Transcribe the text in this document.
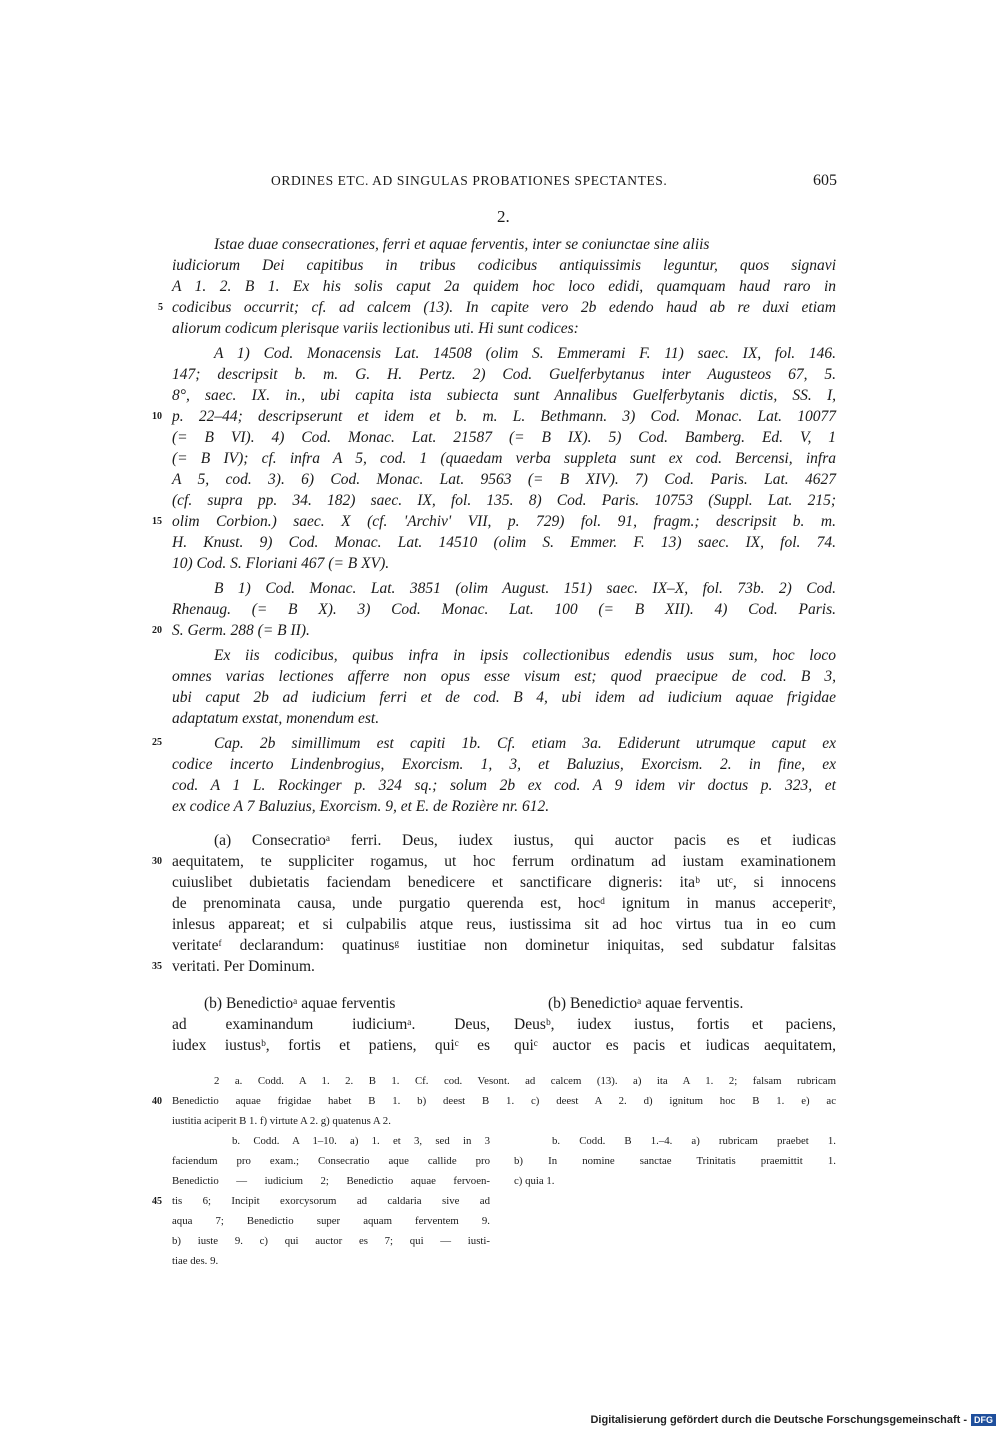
ORDINES ETC. AD SINGULAS PROBATIONES SPECTANTES.	605
2.
Istae duae consecrationes, ferri et aquae ferventis, inter se coniunctae sine aliis
iudiciorum Dei capitibus in tribus codicibus antiquissimis leguntur, quos signavi
A 1. 2. B 1. Ex his solis caput 2a quidem hoc loco edidi, quamquam haud raro in
codicibus occurrit; cf. ad calcem (13). In capite vero 2b edendo haud ab re duxi etiam
aliorum codicum plerisque variis lectionibus uti. Hi sunt codices:
A 1) Cod. Monacensis Lat. 14508 (olim S. Emmerami F. 11) saec. IX, fol. 146.
147; descripsit b. m. G. H. Pertz. 2) Cod. Guelferbytanus inter Augusteos 67, 5.
8°, saec. IX. in., ubi capita ista subiecta sunt Annalibus Guelferbytanis dictis, SS. I,
p. 22–44; descripserunt et idem et b. m. L. Bethmann. 3) Cod. Monac. Lat. 10077
(= B VI). 4) Cod. Monac. Lat. 21587 (= B IX). 5) Cod. Bamberg. Ed. V, 1
(= B IV); cf. infra A 5, cod. 1 (quaedam verba suppleta sunt ex cod. Bercensi, infra
A 5, cod. 3). 6) Cod. Monac. Lat. 9563 (= B XIV). 7) Cod. Paris. Lat. 4627
(cf. supra pp. 34. 182) saec. IX, fol. 135. 8) Cod. Paris. 10753 (Suppl. Lat. 215;
olim Corbion.) saec. X (cf. 'Archiv' VII, p. 729) fol. 91, fragm.; descripsit b. m.
H. Knust. 9) Cod. Monac. Lat. 14510 (olim S. Emmer. F. 13) saec. IX, fol. 74.
10) Cod. S. Floriani 467 (= B XV).
B 1) Cod. Monac. Lat. 3851 (olim August. 151) saec. IX–X, fol. 73b. 2) Cod.
Rhenaug. (= B X). 3) Cod. Monac. Lat. 100 (= B XII). 4) Cod. Paris.
S. Germ. 288 (= B II).
Ex iis codicibus, quibus infra in ipsis collectionibus edendis usus sum, hoc loco
omnes varias lectiones afferre non opus esse visum est; quod praecipue de cod. B 3,
ubi caput 2b ad iudicium ferri et de cod. B 4, ubi idem ad iudicium aquae frigidae
adaptatum exstat, monendum est.
Cap. 2b simillimum est capiti 1b. Cf. etiam 3a. Ediderunt utrumque caput ex
codice incerto Lindenbrogius, Exorcism. 1, 3, et Baluzius, Exorcism. 2. in fine, ex
cod. A 1 L. Rockinger p. 324 sq.; solum 2b ex cod. A 9 idem vir doctus p. 323, et
ex codice A 7 Baluzius, Exorcism. 9, et E. de Rozière nr. 612.
(a) Consecratioᵃ ferri. Deus, iudex iustus, qui auctor pacis es et iudicas
aequitatem, te suppliciter rogamus, ut hoc ferrum ordinatum ad iustam examinationem
cuiuslibet dubietatis faciendam benedicere et sanctificare digneris: itaᵇ utᶜ, si innocens
de prenominata causa, unde purgatio querenda est, hocᵈ ignitum in manus acceperitᵉ,
inlesus appareat; et si culpabilis atque reus, iustissima sit ad hoc virtus tua in eo cum
veritateᶠ declarandum: quatinusᵍ iustitiae non dominetur iniquitas, sed subdatur falsitas
veritati. Per Dominum.
(b) Benedictioᵃ aquae ferventis
ad examinandum iudiciumᵃ. Deus,
iudex iustusᵇ, fortis et patiens, quiᶜ es
(b) Benedictioᵃ aquae ferventis.
Deusᵇ, iudex iustus, fortis et paciens,
quiᶜ auctor es pacis et iudicas aequitatem,
2 a. Codd. A 1. 2. B 1. Cf. cod. Vesont. ad calcem (13). a) ita A 1. 2; falsam rubricam
Benedictio aquae frigidae habet B 1. b) deest B 1. c) deest A 2. d) ignitum hoc B 1. e) ac
iustitia aciperit B 1. f) virtute A 2. g) quatenus A 2.
b. Codd. A 1–10. a) 1. et 3, sed in 3
faciendum pro exam.; Consecratio aque callide pro
Benedictio — iudicium 2; Benedictio aquae fervoen-
tis 6; Incipit exorcysorum ad caldaria sive ad
aqua 7; Benedictio super aquam ferventem 9.
b) iuste 9. c) qui auctor es 7; qui — iusti-
tiae des. 9.
b. Codd. B 1.–4. a) rubricam praebet 1.
b) In nomine sanctae Trinitatis praemittit 1.
c) quia 1.
5
10
15
20
25
30
35
40
45
Digitalisierung gefördert durch die Deutsche Forschungsgemeinschaft - DFG
